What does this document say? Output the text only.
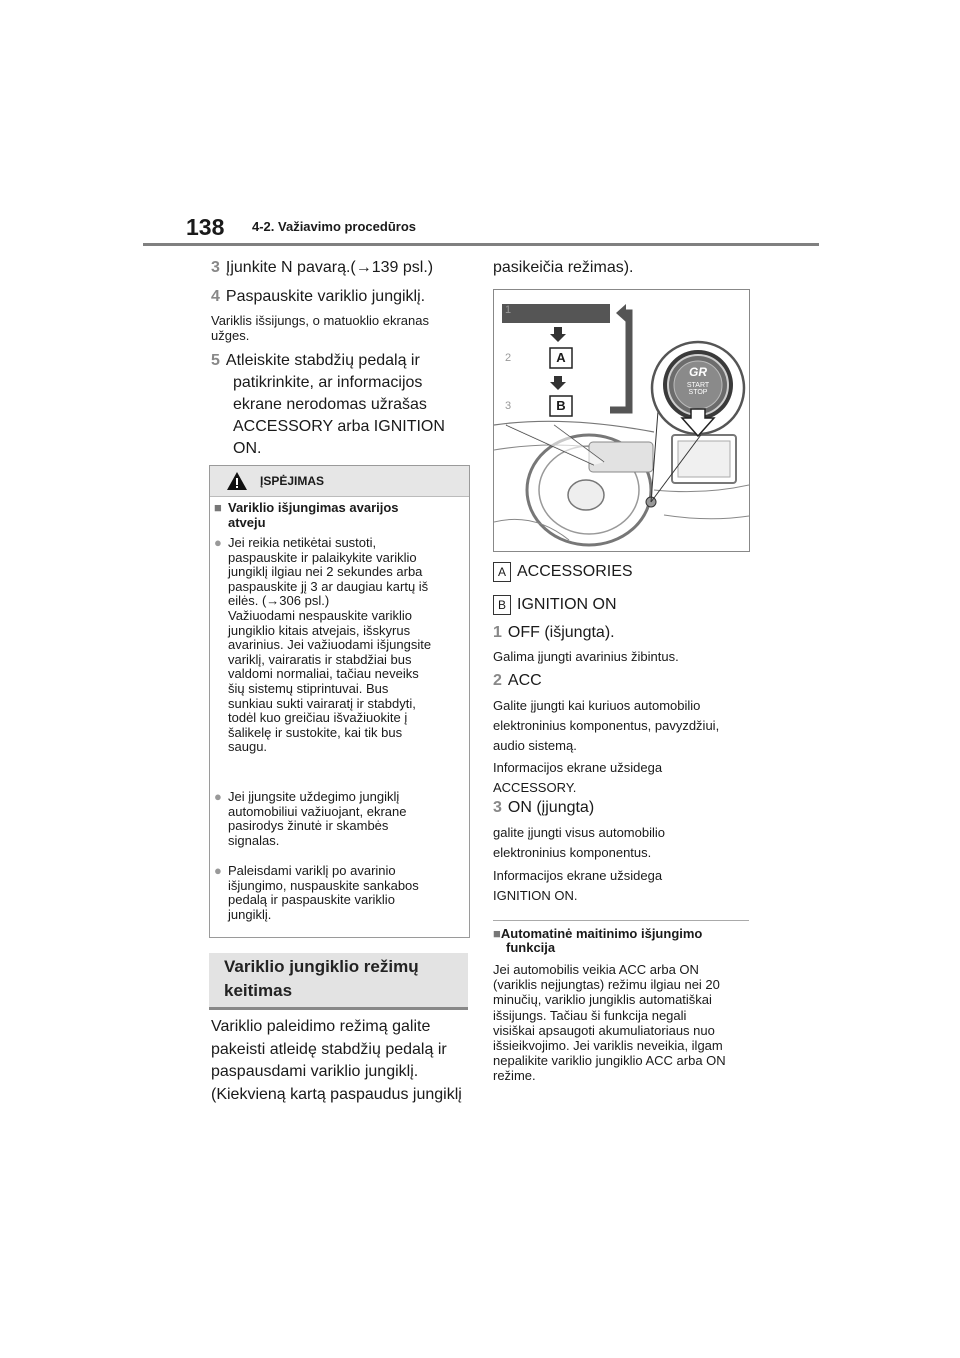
138 4-2. Važiavimo procedūros
3 Įjunkite N pavarą.(→139 psl.)
4 Paspauskite variklio jungiklį.
Variklis išsijungs, o matuoklio ekranas
užges.
5 Atleiskite stabdžių pedalą ir
patikrinkite, ar informacijos
ekrane nerodomas užrašas
ACCESSORY arba IGNITION
ON.
ĮSPĖJIMAS
■ Variklio išjungimas avarijos
atveju
● Jei reikia netikėtai sustoti,
paspauskite ir palaikykite variklio
jungiklį ilgiau nei 2 sekundes arba
paspauskite jį 3 ar daugiau kartų iš
eilės. (→306 psl.)
Važiuodami nespauskite variklio
jungiklio kitais atvejais, išskyrus
avarinius. Jei važiuodami išjungsite
variklį, vairaratis ir stabdžiai bus
valdomi normaliai, tačiau neveiks
šių sistemų stiprintuvai. Bus
sunkiau sukti vairaratį ir stabdyti,
todėl kuo greičiau išvažiuokite į
šalikelę ir sustokite, kai tik bus
saugu.
● Jei įjungsite uždegimo jungiklį
automobiliui važiuojant, ekrane
pasirodys žinutė ir skambės
signalas.
● Paleisdami variklį po avarinio
išjungimo, nuspauskite sankabos
pedalą ir paspauskite variklio
jungiklį.
Variklio jungiklio režimų
keitimas
Variklio paleidimo režimą galite
pakeisti atleidę stabdžių pedalą ir
paspausdami variklio jungiklį.
(Kiekvieną kartą paspaudus jungiklį
pasikeičia režimas).
1
2
3
A
B
GR
START
STOP
A ACCESSORIES
B IGNITION ON
1 OFF (išjungta).
Galima įjungti avarinius žibintus.
2 ACC
Galite įjungti kai kuriuos automobilio
elektroninius komponentus, pavyzdžiui,
audio sistemą.
Informacijos ekrane užsidega
ACCESSORY.
3 ON (įjungta)
galite įjungti visus automobilio
elektroninius komponentus.
Informacijos ekrane užsidega
IGNITION ON.
■Automatinė maitinimo išjungimo
funkcija
Jei automobilis veikia ACC arba ON
(variklis neįjungtas) režimu ilgiau nei 20
minučių, variklio jungiklis automatiškai
išsijungs. Tačiau ši funkcija negali
visiškai apsaugoti akumuliatoriaus nuo
išsieikvojimo. Jei variklis neveikia, ilgam
nepalikite variklio jungiklio ACC arba ON
režime.
